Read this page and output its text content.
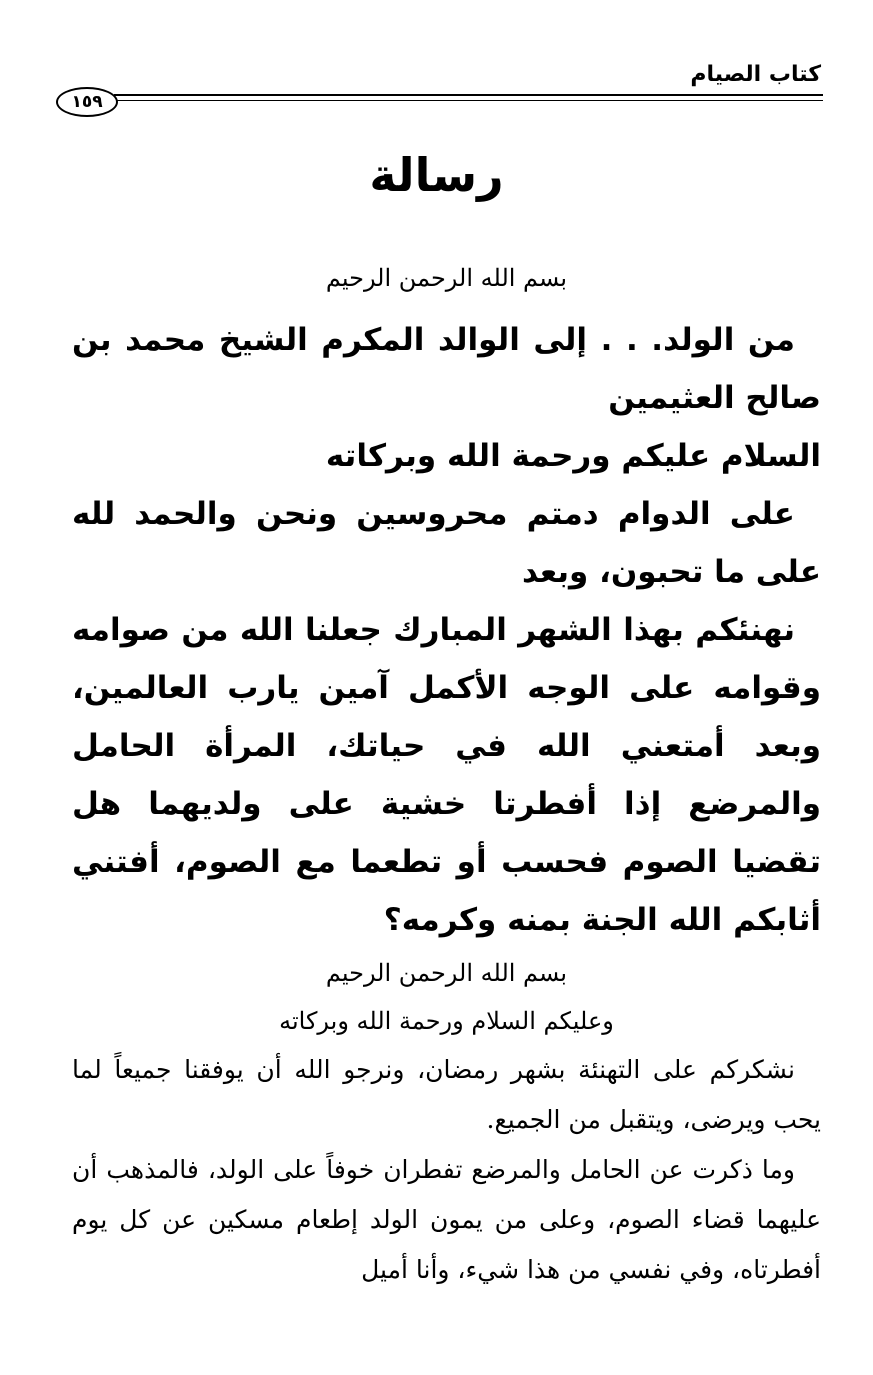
كتاب الصيام
١٥٩
رسالة

بسم الله الرحمن الرحيم

من الولد. . . إلى الوالد المكرم الشيخ محمد بن صالح العثيمين

السلام عليكم ورحمة الله وبركاته

على الدوام دمتم محروسين ونحن والحمد لله على ما تحبون، وبعد

نهنئكم بهذا الشهر المبارك جعلنا الله من صوامه وقوامه على الوجه الأكمل آمين يارب العالمين، وبعد أمتعني الله في حياتك، المرأة الحامل والمرضع إذا أفطرتا خشية على ولديهما هل تقضيا الصوم فحسب أو تطعما مع الصوم، أفتني أثابكم الله الجنة بمنه وكرمه؟

بسم الله الرحمن الرحيم

وعليكم السلام ورحمة الله وبركاته

نشكركم على التهنئة بشهر رمضان، ونرجو الله أن يوفقنا جميعاً لما يحب ويرضى، ويتقبل من الجميع.

وما ذكرت عن الحامل والمرضع تفطران خوفاً على الولد، فالمذهب أن عليهما قضاء الصوم، وعلى من يمون الولد إطعام مسكين عن كل يوم أفطرتاه، وفي نفسي من هذا شيء، وأنا أميل
